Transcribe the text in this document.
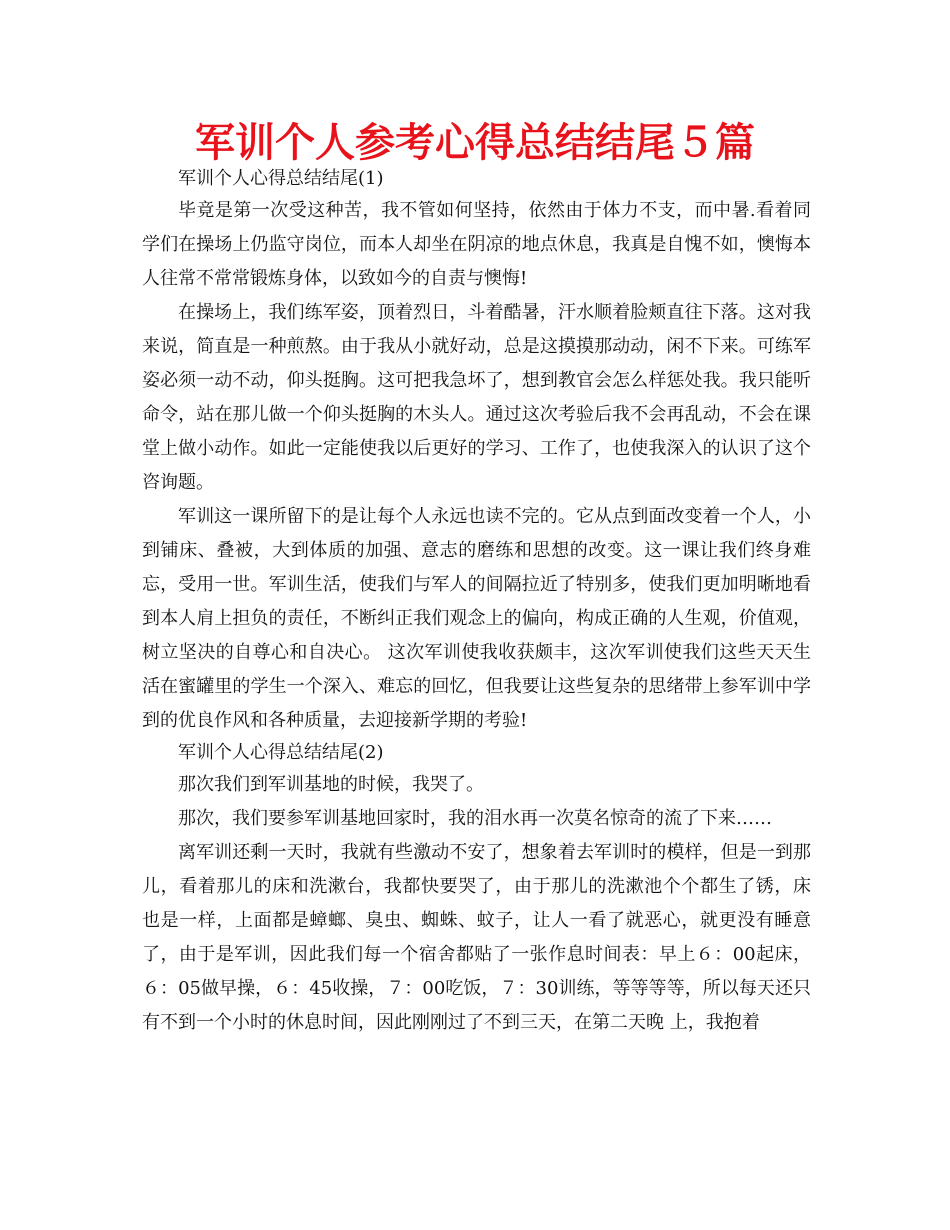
军训个人参考心得总结结尾５篇

军训个人心得总结结尾(1)

毕竟是第一次受这种苦，我不管如何坚持，依然由于体力不支，而中暑.看着同学们在操场上仍监守岗位，而本人却坐在阴凉的地点休息，我真是自愧不如，懊悔本人往常不常常锻炼身体，以致如今的自责与懊悔!

在操场上，我们练军姿，顶着烈日，斗着酷暑，汗水顺着脸颊直往下落。这对我来说，简直是一种煎熬。由于我从小就好动，总是这摸摸那动动，闲不下来。可练军姿必须一动不动，仰头挺胸。这可把我急坏了，想到教官会怎么样惩处我。我只能听命令，站在那儿做一个仰头挺胸的木头人。通过这次考验后我不会再乱动，不会在课堂上做小动作。如此一定能使我以后更好的学习、工作了，也使我深入的认识了这个咨询题。

军训这一课所留下的是让每个人永远也读不完的。它从点到面改变着一个人，小到铺床、叠被，大到体质的加强、意志的磨练和思想的改变。这一课让我们终身难忘，受用一世。军训生活，使我们与军人的间隔拉近了特别多，使我们更加明晰地看到本人肩上担负的责任，不断纠正我们观念上的偏向，构成正确的人生观，价值观，树立坚决的自尊心和自决心。 这次军训使我收获颇丰，这次军训使我们这些天天生活在蜜罐里的学生一个深入、难忘的回忆，但我要让这些复杂的思绪带上参军训中学到的优良作风和各种质量，去迎接新学期的考验!

军训个人心得总结结尾(2)

那次我们到军训基地的时候，我哭了。

那次，我们要参军训基地回家时，我的泪水再一次莫名惊奇的流了下来……

离军训还剩一天时，我就有些激动不安了，想象着去军训时的模样，但是一到那儿，看着那儿的床和洗漱台，我都快要哭了，由于那儿的洗漱池个个都生了锈，床 也是一样，上面都是蟑螂、臭虫、蜘蛛、蚊子，让人一看了就恶心，就更没有睡意了，由于是军训，因此我们每一个宿舍都贴了一张作息时间表：早上６：00起床，６：05做早操，６：45收操，７：00吃饭，７：30训练，等等等等，所以每天还只有不到一个小时的休息时间，因此刚刚过了不到三天，在第二天晚 上，我抱着
